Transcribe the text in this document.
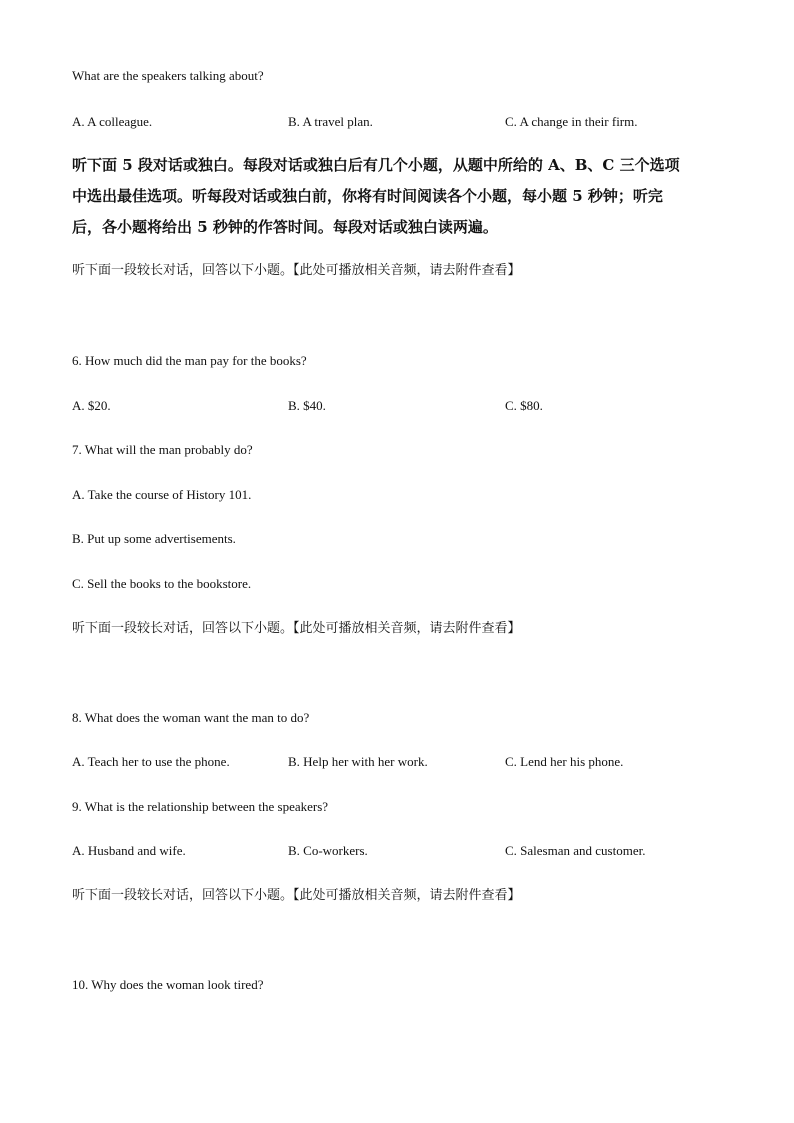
What are the speakers talking about?
A. A colleague.	B. A travel plan.	C. A change in their firm.
听下面 5 段对话或独白。每段对话或独白后有几个小题，从题中所给的 A、B、C 三个选项
中选出最佳选项。听每段对话或独白前，你将有时间阅读各个小题，每小题 5 秒钟；听完
后，各小题将给出 5 秒钟的作答时间。每段对话或独白读两遍。
听下面一段较长对话，回答以下小题。【此处可播放相关音频，请去附件查看】
6. How much did the man pay for the books?
A. $20.	B. $40.	C. $80.
7. What will the man probably do?
A. Take the course of History 101.
B. Put up some advertisements.
C. Sell the books to the bookstore.
听下面一段较长对话，回答以下小题。【此处可播放相关音频，请去附件查看】
8. What does the woman want the man to do?
A. Teach her to use the phone.	B. Help her with her work.	C. Lend her his phone.
9. What is the relationship between the speakers?
A. Husband and wife.	B. Co-workers.	C. Salesman and customer.
听下面一段较长对话，回答以下小题。【此处可播放相关音频，请去附件查看】
10. Why does the woman look tired?
